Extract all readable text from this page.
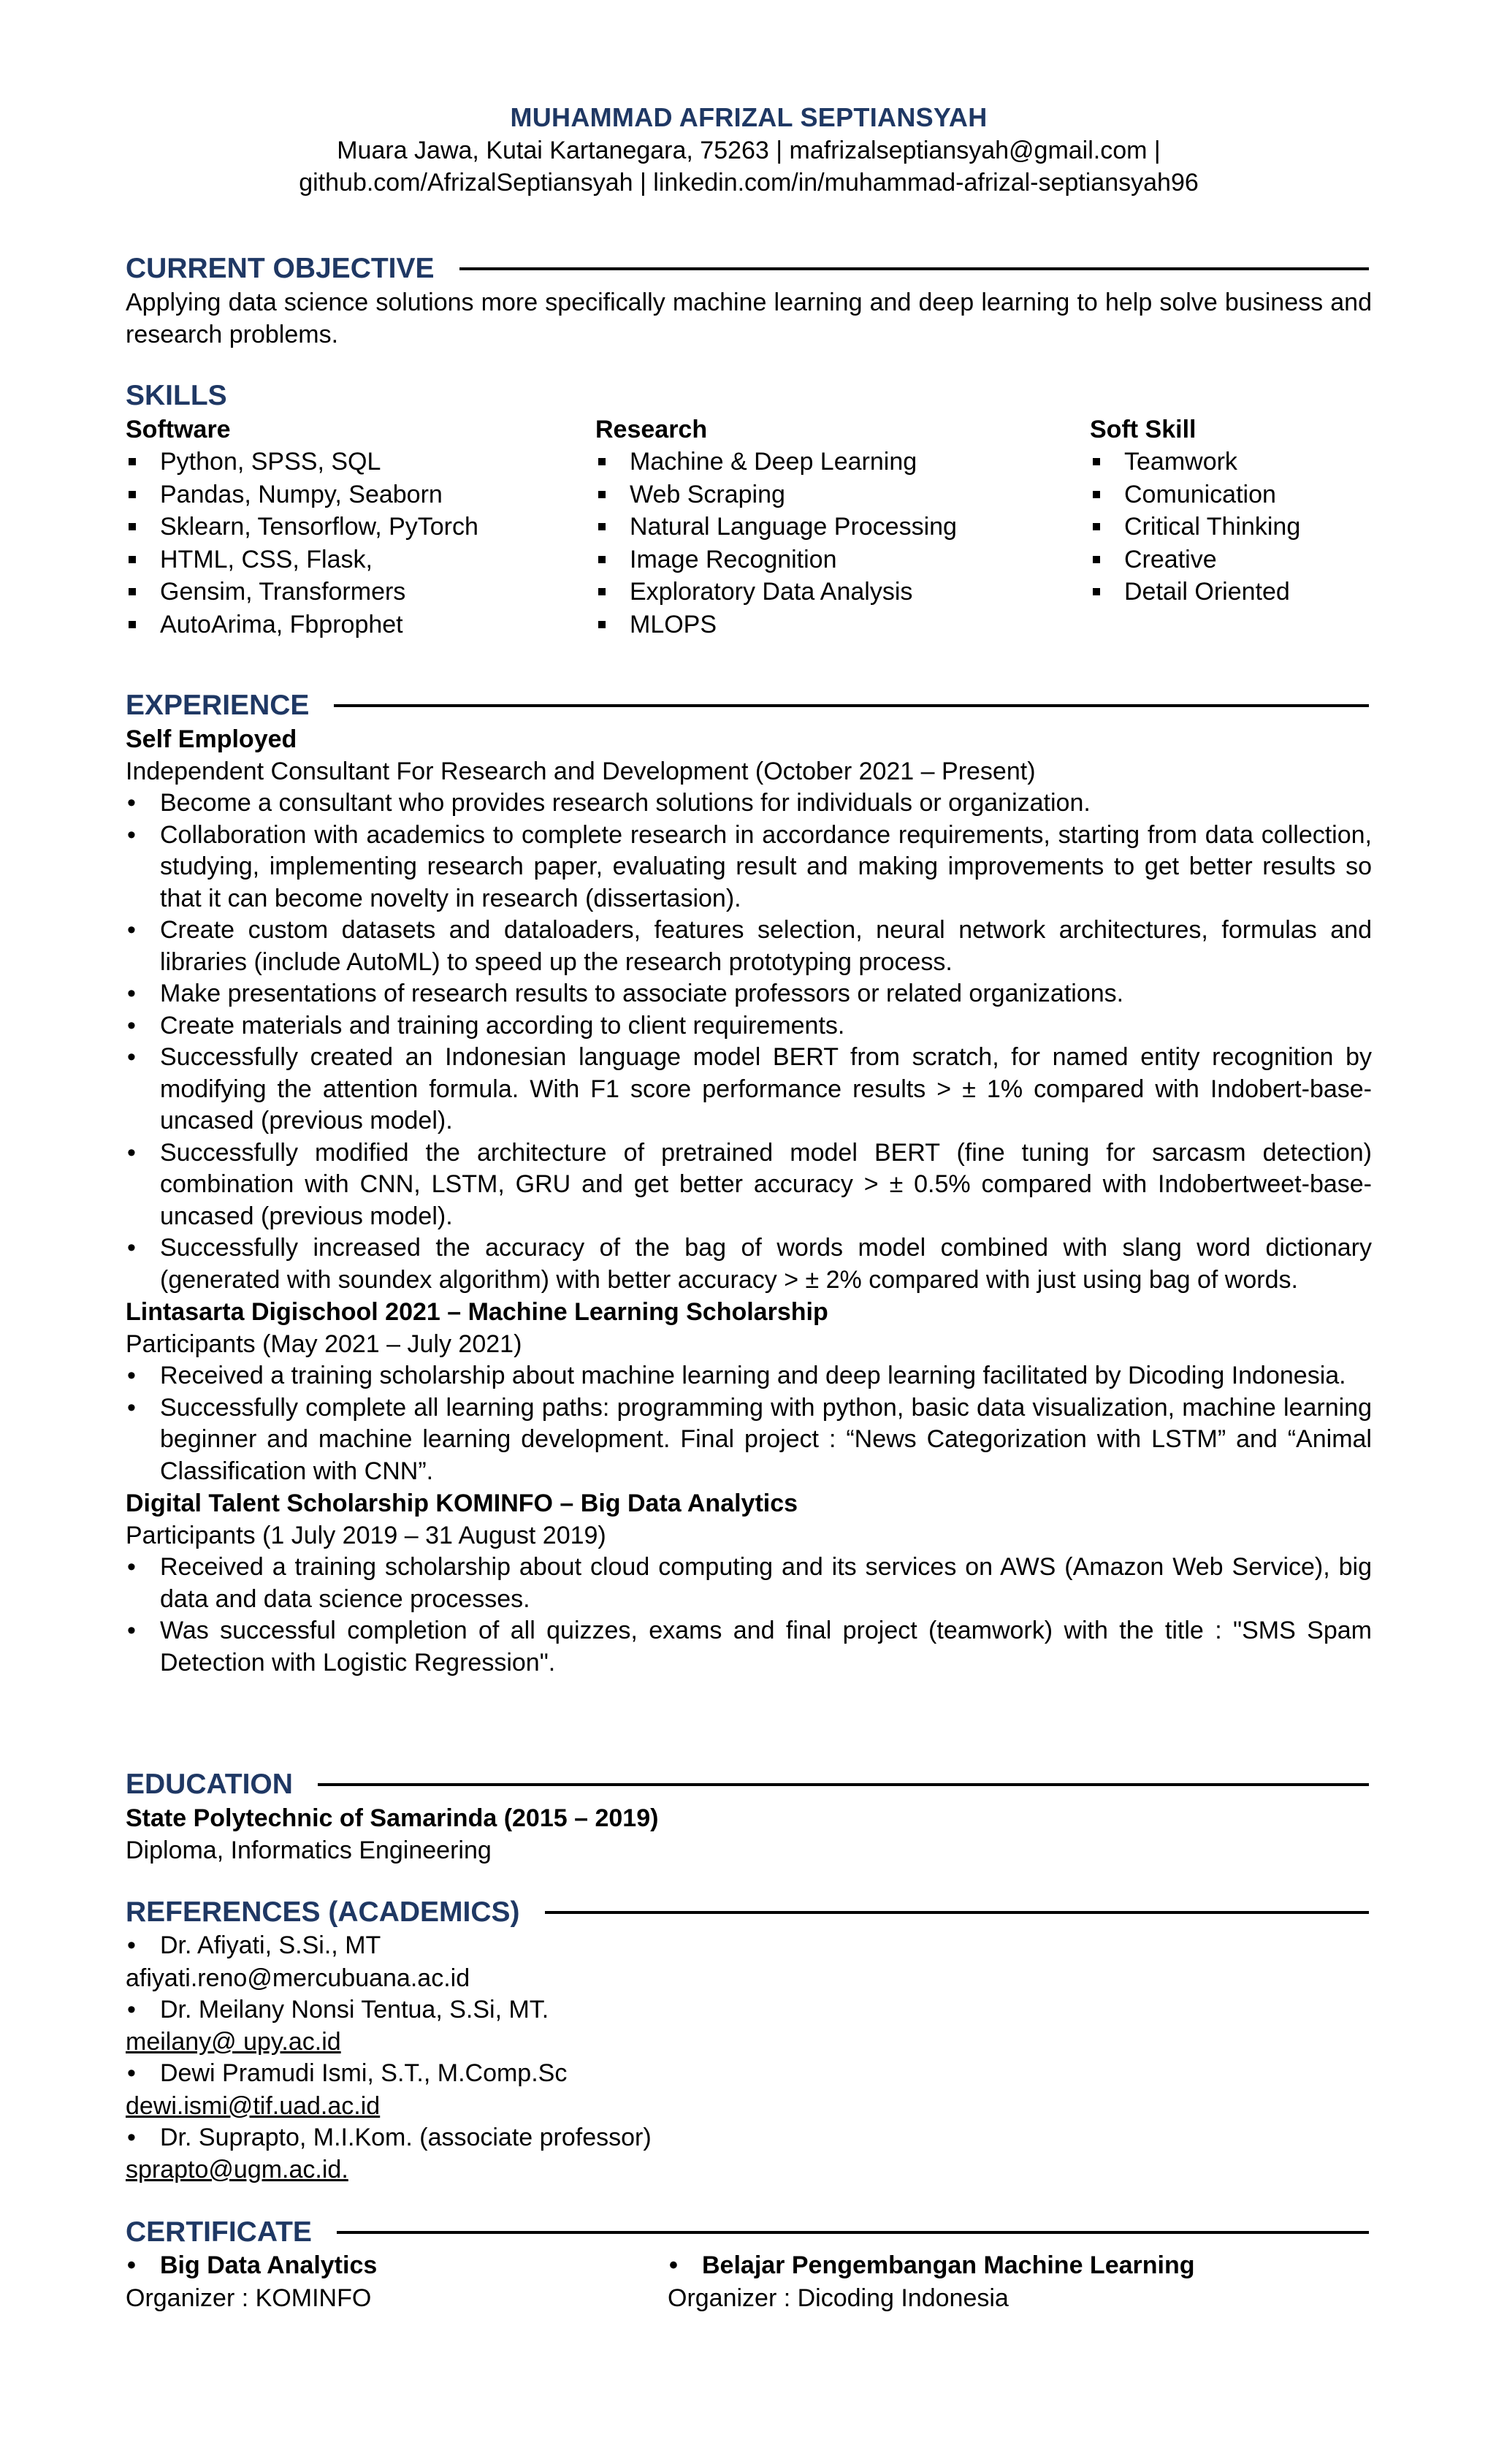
MUHAMMAD AFRIZAL SEPTIANSYAH
Muara Jawa, Kutai Kartanegara, 75263 | mafrizalseptiansyah@gmail.com |
github.com/AfrizalSeptiansyah | linkedin.com/in/muhammad-afrizal-septiansyah96
CURRENT OBJECTIVE
Applying data science solutions more specifically machine learning and deep learning to help solve business and research problems.
SKILLS
Software
Python, SPSS, SQL
Pandas, Numpy, Seaborn
Sklearn, Tensorflow, PyTorch
HTML, CSS, Flask,
Gensim, Transformers
AutoArima, Fbprophet
Research
Machine & Deep Learning
Web Scraping
Natural Language Processing
Image Recognition
Exploratory Data Analysis
MLOPS
Soft Skill
Teamwork
Comunication
Critical Thinking
Creative
Detail Oriented
EXPERIENCE
Self Employed
Independent Consultant For Research and Development (October 2021 – Present)
• Become a consultant who provides research solutions for individuals or organization.
• Collaboration with academics to complete research in accordance requirements, starting from data collection, studying, implementing research paper, evaluating result and making improvements to get better results so that it can become novelty in research (dissertasion).
• Create custom datasets and dataloaders, features selection, neural network architectures, formulas and libraries (include AutoML) to speed up the research prototyping process.
• Make presentations of research results to associate professors or related organizations.
• Create materials and training according to client requirements.
• Successfully created an Indonesian language model BERT from scratch, for named entity recognition by modifying the attention formula. With F1 score performance results > ± 1% compared with Indobert-base-uncased (previous model).
• Successfully modified the architecture of pretrained model BERT (fine tuning for sarcasm detection) combination with CNN, LSTM, GRU and get better accuracy > ± 0.5% compared with Indobertweet-base-uncased (previous model).
• Successfully increased the accuracy of the bag of words model combined with slang word dictionary (generated with soundex algorithm) with better accuracy > ± 2% compared with just using bag of words.
Lintasarta Digischool 2021 – Machine Learning Scholarship
Participants (May 2021 – July 2021)
• Received a training scholarship about machine learning and deep learning facilitated by Dicoding Indonesia.
• Successfully complete all learning paths: programming with python, basic data visualization, machine learning beginner and machine learning development. Final project : “News Categorization with LSTM” and “Animal Classification with CNN”.
Digital Talent Scholarship KOMINFO – Big Data Analytics
Participants (1 July 2019 – 31 August 2019)
• Received a training scholarship about cloud computing and its services on AWS (Amazon Web Service), big data and data science processes.
• Was successful completion of all quizzes, exams and final project (teamwork) with the title : "SMS Spam Detection with Logistic Regression".
EDUCATION
State Polytechnic of Samarinda (2015 – 2019)
Diploma, Informatics Engineering
REFERENCES (ACADEMICS)
• Dr. Afiyati, S.Si., MT
afiyati.reno@mercubuana.ac.id
• Dr. Meilany Nonsi Tentua, S.Si, MT.
meilany@ upy.ac.id
• Dewi Pramudi Ismi, S.T., M.Comp.Sc
dewi.ismi@tif.uad.ac.id
• Dr. Suprapto, M.I.Kom. (associate professor)
sprapto@ugm.ac.id.
CERTIFICATE
• Big Data Analytics
Organizer : KOMINFO
• Belajar Pengembangan Machine Learning
Organizer : Dicoding Indonesia
